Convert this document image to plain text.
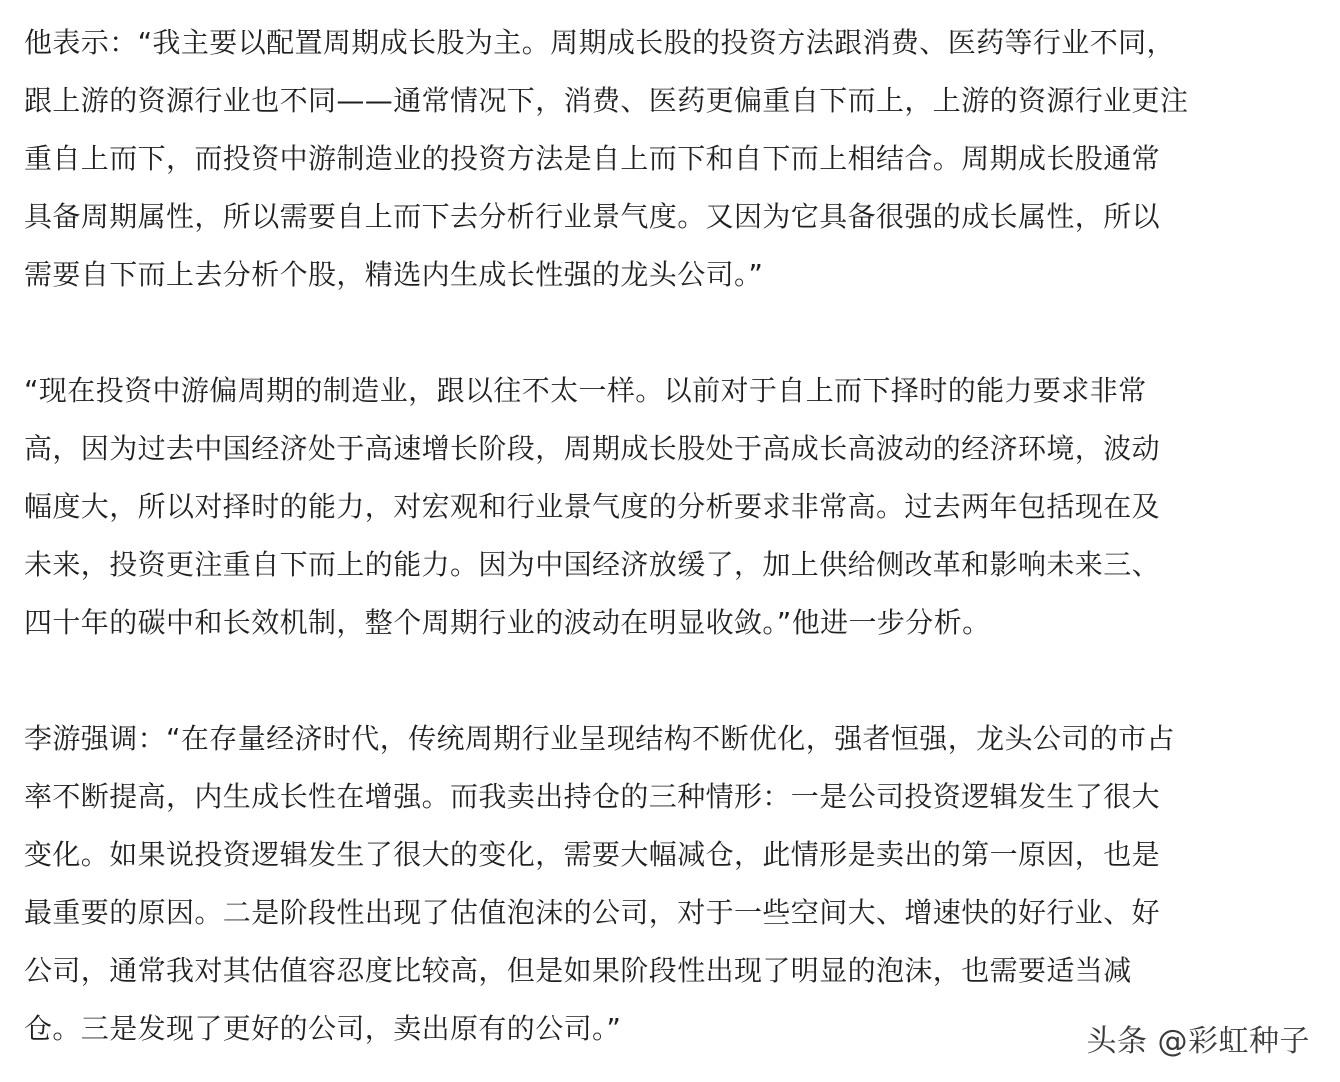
他表示：“我主要以配置周期成长股为主。周期成长股的投资方法跟消费、医药等行业不同，
跟上游的资源行业也不同——通常情况下，消费、医药更偏重自下而上，上游的资源行业更注
重自上而下，而投资中游制造业的投资方法是自上而下和自下而上相结合。周期成长股通常
具备周期属性，所以需要自上而下去分析行业景气度。又因为它具备很强的成长属性，所以
需要自下而上去分析个股，精选内生成长性强的龙头公司。”

“现在投资中游偏周期的制造业，跟以往不太一样。以前对于自上而下择时的能力要求非常
高，因为过去中国经济处于高速增长阶段，周期成长股处于高成长高波动的经济环境，波动
幅度大，所以对择时的能力，对宏观和行业景气度的分析要求非常高。过去两年包括现在及
未来，投资更注重自下而上的能力。因为中国经济放缓了，加上供给侧改革和影响未来三、
四十年的碳中和长效机制，整个周期行业的波动在明显收敛。”他进一步分析。

李游强调：“在存量经济时代，传统周期行业呈现结构不断优化，强者恒强，龙头公司的市占
率不断提高，内生成长性在增强。而我卖出持仓的三种情形：一是公司投资逻辑发生了很大
变化。如果说投资逻辑发生了很大的变化，需要大幅减仓，此情形是卖出的第一原因，也是
最重要的原因。二是阶段性出现了估值泡沫的公司，对于一些空间大、增速快的好行业、好
公司，通常我对其估值容忍度比较高，但是如果阶段性出现了明显的泡沫，也需要适当减
仓。三是发现了更好的公司，卖出原有的公司。”	头条 @彩虹种子
